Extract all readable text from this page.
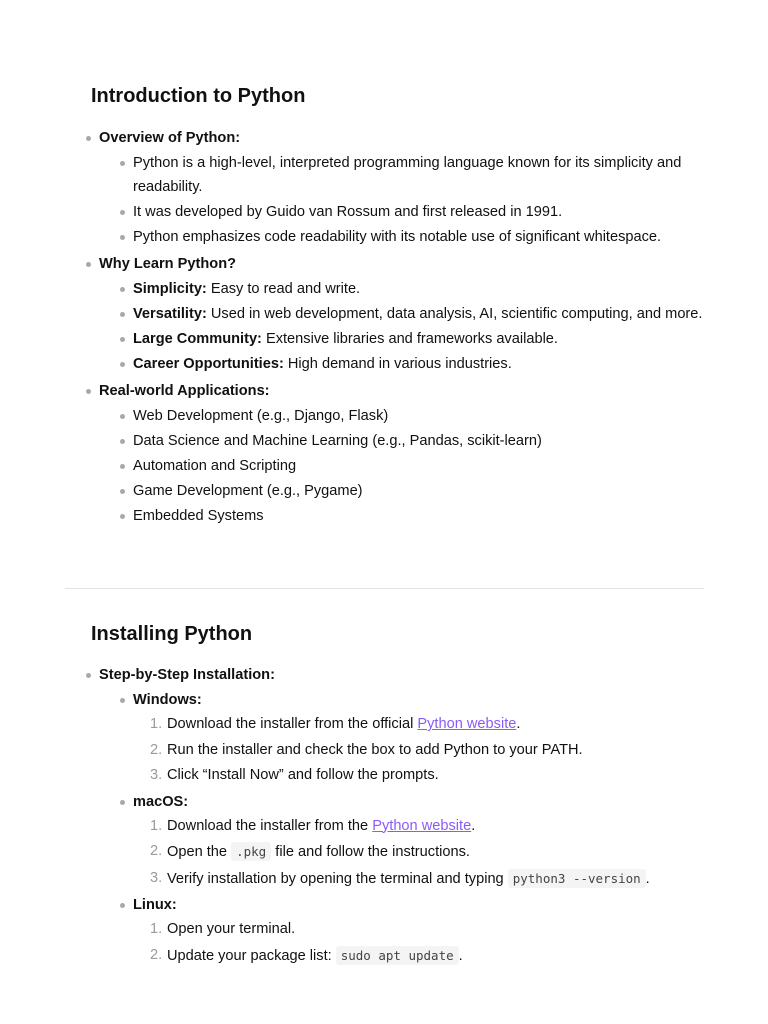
Introduction to Python
Overview of Python:
Python is a high-level, interpreted programming language known for its simplicity and readability.
It was developed by Guido van Rossum and first released in 1991.
Python emphasizes code readability with its notable use of significant whitespace.
Why Learn Python?
Simplicity: Easy to read and write.
Versatility: Used in web development, data analysis, AI, scientific computing, and more.
Large Community: Extensive libraries and frameworks available.
Career Opportunities: High demand in various industries.
Real-world Applications:
Web Development (e.g., Django, Flask)
Data Science and Machine Learning (e.g., Pandas, scikit-learn)
Automation and Scripting
Game Development (e.g., Pygame)
Embedded Systems
Installing Python
Step-by-Step Installation:
Windows:
1. Download the installer from the official Python website.
2. Run the installer and check the box to add Python to your PATH.
3. Click “Install Now” and follow the prompts.
macOS:
1. Download the installer from the Python website.
2. Open the .pkg file and follow the instructions.
3. Verify installation by opening the terminal and typing python3 --version .
Linux:
1. Open your terminal.
2. Update your package list: sudo apt update .
